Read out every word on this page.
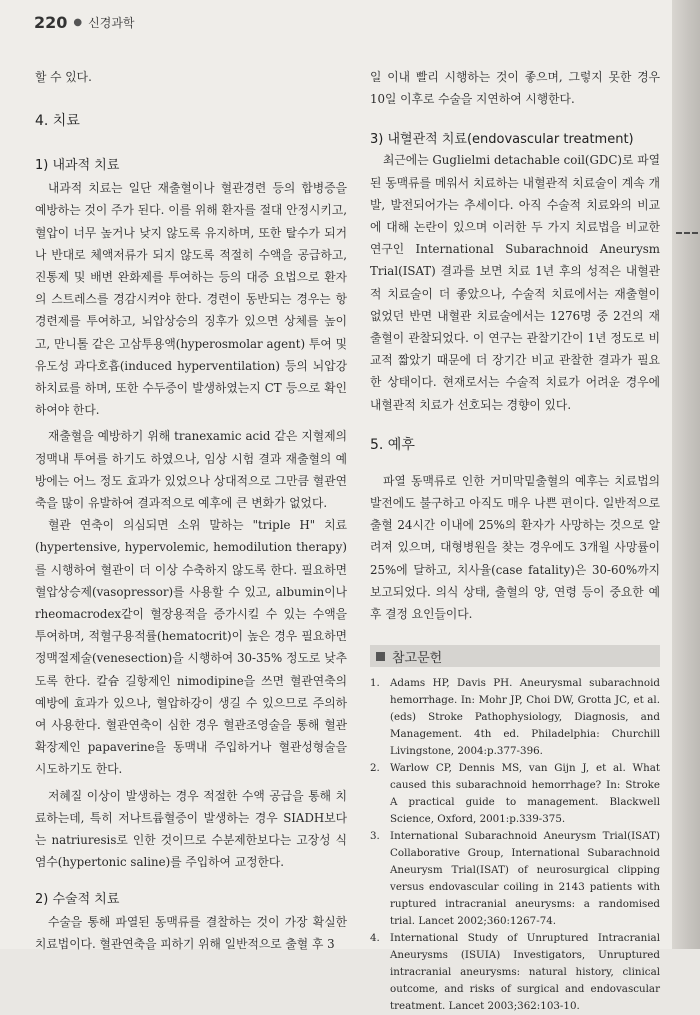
220 ● 신경과학

할 수 있다.

4. 치료
1) 내과적 치료

내과적 치료는 일단 재출혈이나 혈관경련 등의 합병증을 예방하는 것이 주가 된다. 이를 위해 환자를 절대 안정시키고, 혈압이 너무 높거나 낮지 않도록 유지하며, 또한 탈수가 되거나 반대로 체액저류가 되지 않도록 적절히 수액을 공급하고, 진통제 및 배변 완화제를 투여하는 등의 대증 요법으로 환자의 스트레스를 경감시켜야 한다. 경련이 동반되는 경우는 항경련제를 투여하고, 뇌압상승의 징후가 있으면 상체를 높이고, 만니톨 같은 고삼투용액(hyperosmolar agent) 투여 및 유도성 과다호흡(induced hyperventilation) 등의 뇌압강하치료를 하며, 또한 수두증이 발생하였는지 CT 등으로 확인하여야 한다.

재출혈을 예방하기 위해 tranexamic acid 같은 지혈제의 정맥내 투여를 하기도 하였으나, 임상 시험 결과 재출혈의 예방에는 어느 정도 효과가 있었으나 상대적으로 그만큼 혈관연축을 많이 유발하여 결과적으로 예후에 큰 변화가 없었다.

혈관 연축이 의심되면 소위 말하는 "triple H" 치료(hypertensive, hypervolemic, hemodilution therapy)를 시행하여 혈관이 더 이상 수축하지 않도록 한다. 필요하면 혈압상승제(vasopressor)를 사용할 수 있고, albumin이나 rheomacrodex같이 혈장용적을 증가시킬 수 있는 수액을 투여하며, 적혈구용적률(hematocrit)이 높은 경우 필요하면 정맥절제술(venesection)을 시행하여 30-35% 정도로 낮추도록 한다. 칼슘 길항제인 nimodipine을 쓰면 혈관연축의 예방에 효과가 있으나, 혈압하강이 생길 수 있으므로 주의하여 사용한다. 혈관연축이 심한 경우 혈관조영술을 통해 혈관확장제인 papaverine을 동맥내 주입하거나 혈관성형술을 시도하기도 한다.

저혜질 이상이 발생하는 경우 적절한 수액 공급을 통해 치료하는데, 특히 저나트륨혈증이 발생하는 경우 SIADH보다는 natriuresis로 인한 것이므로 수분제한보다는 고장성 식염수(hypertonic saline)를 주입하여 교정한다.

2) 수술적 치료

수술을 통해 파열된 동맥류를 결찰하는 것이 가장 확실한 치료법이다. 혈관연축을 피하기 위해 일반적으로 출혈 후 3

일 이내 빨리 시행하는 것이 좋으며, 그렇지 못한 경우 10일 이후로 수술을 지연하여 시행한다.

3) 내혈관적 치료(endovascular treatment)

최근에는 Guglielmi detachable coil(GDC)로 파열된 동맥류를 메워서 치료하는 내혈관적 치료술이 계속 개발, 발전되어가는 추세이다. 아직 수술적 치료와의 비교에 대해 논란이 있으며 이러한 두 가지 치료법을 비교한 연구인 International Subarachnoid Aneurysm Trial(ISAT) 결과를 보면 치료 1년 후의 성적은 내혈관적 치료술이 더 좋았으나, 수술적 치료에서는 재출혈이 없었던 반면 내혈관 치료술에서는 1276명 중 2건의 재출혈이 관찰되었다. 이 연구는 관찰기간이 1년 정도로 비교적 짧았기 때문에 더 장기간 비교 관찰한 결과가 필요한 상태이다. 현재로서는 수술적 치료가 어려운 경우에 내혈관적 치료가 선호되는 경향이 있다.

5. 예후

파열 동맥류로 인한 거미막밑출혈의 예후는 치료법의 발전에도 불구하고 아직도 매우 나쁜 편이다. 일반적으로 출혈 24시간 이내에 25%의 환자가 사망하는 것으로 알려져 있으며, 대형병원을 찾는 경우에도 3개월 사망률이 25%에 달하고, 치사율(case fatality)은 30-60%까지 보고되었다. 의식 상태, 출혈의 양, 연령 등이 중요한 예후 결정 요인들이다.

참고문헌
1. Adams HP, Davis PH. Aneurysmal subarachnoid hemorrhage. In: Mohr JP, Choi DW, Grotta JC, et al. (eds) Stroke Pathophysiology, Diagnosis, and Management. 4th ed. Philadelphia: Churchill Livingstone, 2004:p.377-396.
2. Warlow CP, Dennis MS, van Gijn J, et al. What caused this subarachnoid hemorrhage? In: Stroke A practical guide to management. Blackwell Science, Oxford, 2001:p.339-375.
3. International Subarachnoid Aneurysm Trial(ISAT) Collaborative Group, International Subarachnoid Aneurysm Trial(ISAT) of neurosurgical clipping versus endovascular coiling in 2143 patients with ruptured intracranial aneurysms: a randomised trial. Lancet 2002;360:1267-74.
4. International Study of Unruptured Intracranial Aneurysms (ISUIA) Investigators, Unruptured intracranial aneurysms: natural history, clinical outcome, and risks of surgical and endovascular treatment. Lancet 2003;362:103-10.
